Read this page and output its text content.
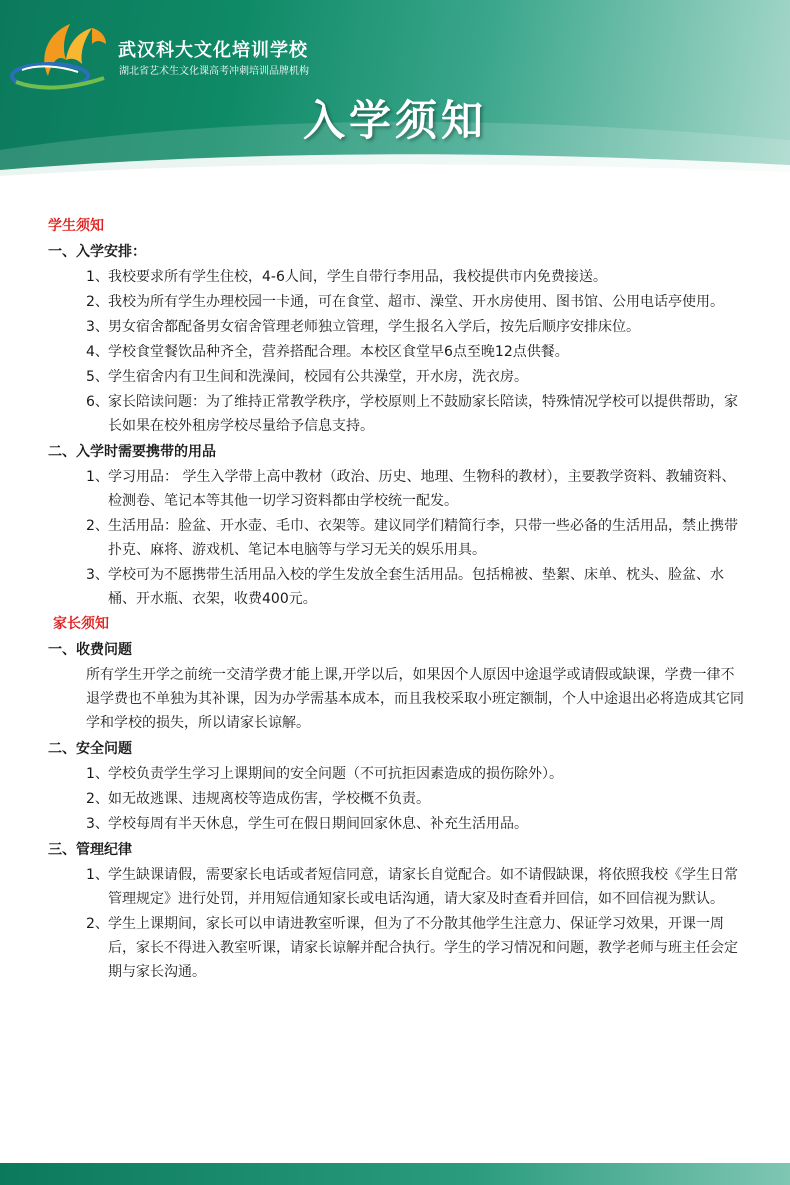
武汉科大文化培训学校
湖北省艺术生文化课高考冲刺培训品牌机构
入学须知
学生须知
一、入学安排：
1、 我校要求所有学生住校，4-6人间，学生自带行李用品，我校提供市内免费接送。
2、 我校为所有学生办理校园一卡通，可在食堂、超市、澡堂、开水房使用、图书馆、公用电话亭使用。
3、 男女宿舍都配备男女宿舍管理老师独立管理，学生报名入学后，按先后顺序安排床位。
4、 学校食堂餐饮品种齐全，营养搭配合理。本校区食堂早6点至晚12点供餐。
5、 学生宿舍内有卫生间和洗澡间，校园有公共澡堂，开水房，洗衣房。
6、 家长陪读问题：为了维持正常教学秩序，学校原则上不鼓励家长陪读，特殊情况学校可以提供帮助，家长如果在校外租房学校尽量给予信息支持。
二、入学时需要携带的用品
1、 学习用品： 学生入学带上高中教材（政治、历史、地理、生物科的教材），主要教学资料、教辅资料、检测卷、笔记本等其他一切学习资料都由学校统一配发。
2、 生活用品：脸盆、开水壶、毛巾、衣架等。建议同学们精简行李，只带一些必备的生活用品，禁止携带扑克、麻将、游戏机、笔记本电脑等与学习无关的娱乐用具。
3、 学校可为不愿携带生活用品入校的学生发放全套生活用品。包括棉被、垫絮、床单、枕头、脸盆、水桶、开水瓶、衣架，收费400元。
家长须知
一、收费问题
所有学生开学之前统一交清学费才能上课,开学以后，如果因个人原因中途退学或请假或缺课，学费一律不退学费也不单独为其补课，因为办学需基本成本，而且我校采取小班定额制，个人中途退出必将造成其它同学和学校的损失，所以请家长谅解。
二、安全问题
1、 学校负责学生学习上课期间的安全问题（不可抗拒因素造成的损伤除外）。
2、 如无故逃课、违规离校等造成伤害，学校概不负责。
3、 学校每周有半天休息，学生可在假日期间回家休息、补充生活用品。
三、管理纪律
1、 学生缺课请假，需要家长电话或者短信同意，请家长自觉配合。如不请假缺课，将依照我校《学生日常管理规定》进行处罚，并用短信通知家长或电话沟通，请大家及时查看并回信，如不回信视为默认。
2、 学生上课期间，家长可以申请进教室听课，但为了不分散其他学生注意力、保证学习效果，开课一周后，家长不得进入教室听课，请家长谅解并配合执行。学生的学习情况和问题，教学老师与班主任会定期与家长沟通。
